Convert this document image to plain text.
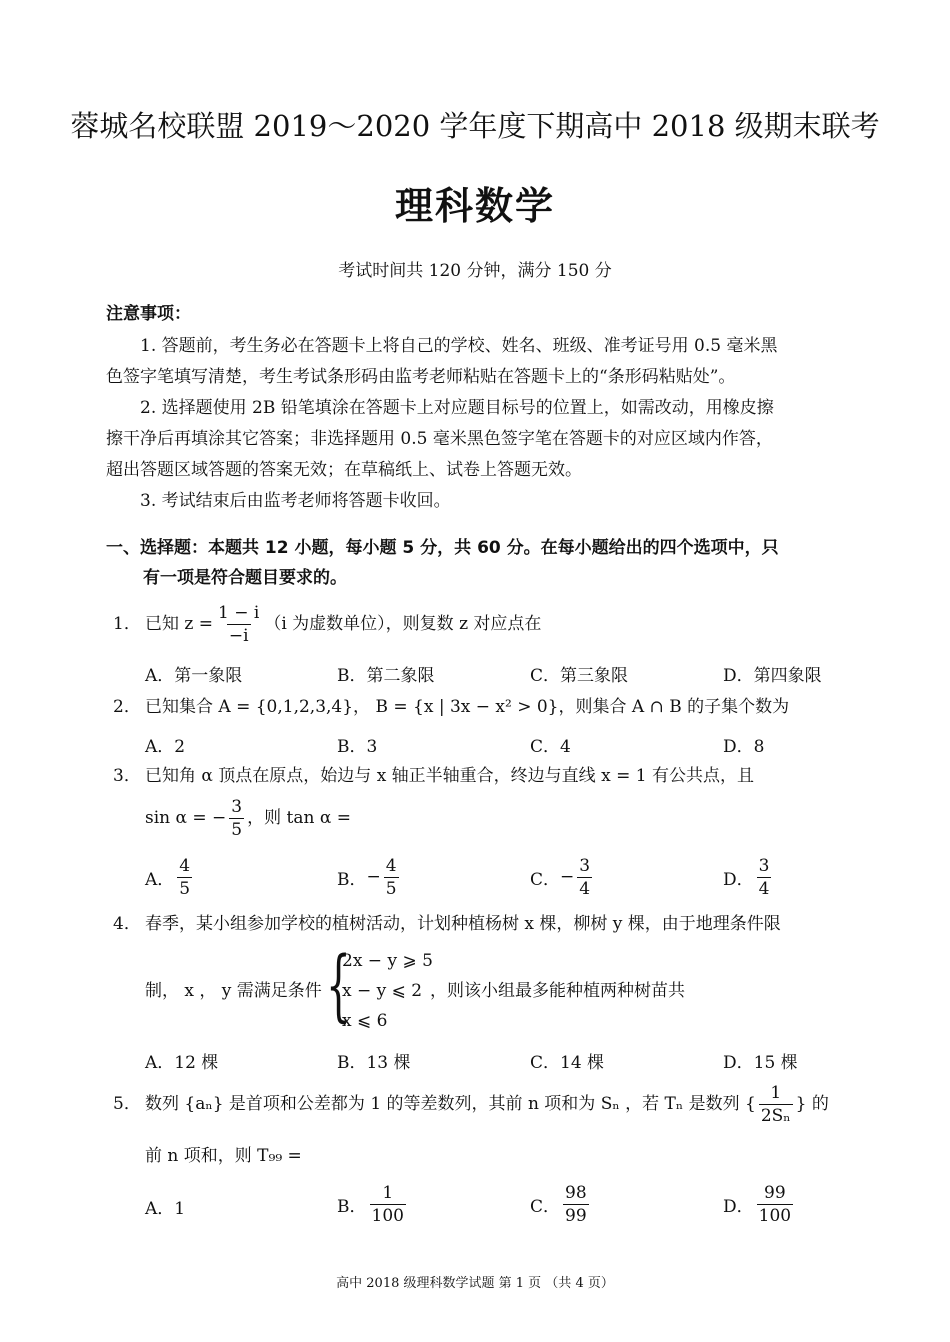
蓉城名校联盟 2019～2020 学年度下期高中 2018 级期末联考
理科数学
考试时间共 120 分钟，满分 150 分
注意事项：
1. 答题前，考生务必在答题卡上将自己的学校、姓名、班级、准考证号用 0.5 毫米黑
色签字笔填写清楚，考生考试条形码由监考老师粘贴在答题卡上的“条形码粘贴处”。
2. 选择题使用 2B 铅笔填涂在答题卡上对应题目标号的位置上，如需改动，用橡皮擦
擦干净后再填涂其它答案；非选择题用 0.5 毫米黑色签字笔在答题卡的对应区域内作答，
超出答题区域答题的答案无效；在草稿纸上、试卷上答题无效。
3. 考试结束后由监考老师将答题卡收回。
一、选择题：本题共 12 小题，每小题 5 分，共 60 分。在每小题给出的四个选项中，只
有一项是符合题目要求的。
1． 已知 $z = \frac{1 - i}{-i} (i$ 为虚数单位），则复数 z 对应点在
A．第一象限	B．第二象限	C．第三象限	D．第四象限
2． 已知集合 A = {0,1,2,3,4}， B = {x | 3x − x² > 0}，则集合 A ∩ B 的子集个数为
A．2	B．3	C．4	D．8
3． 已知角 α 顶点在原点，始边与 x 轴正半轴重合，终边与直线 x = 1 有公共点，且
sin α = − $\frac{3}{5}$ ，则 tan α =
A． $\frac{4}{5}$	B． − $\frac{4}{5}$	C． − $\frac{3}{4}$	D． $\frac{3}{4}$
4． 春季，某小组参加学校的植树活动，计划种植杨树 x 棵，柳树 y 棵，由于地理条件限
制， x ， y 需满足条件 {
2x − y ⩾ 5
x − y ⩽ 2
x ⩽ 6
，则该小组最多能种植两种树苗共
A．12 棵	B．13 棵	C．14 棵	D．15 棵
5． 数列 {aₙ} 是首项和公差都为 1 的等差数列，其前 n 项和为 Sₙ ，若 Tₙ 是数列 { $\frac{1}{\text{2Sₙ}}$ } 的
前 n 项和，则 T₉₉ =
A．1	B． $\frac{1}{100}$	C． $\frac{98}{99}$	D． $\frac{99}{100}$
高中 2018 级理科数学试题 第 1 页 （共 4 页）
